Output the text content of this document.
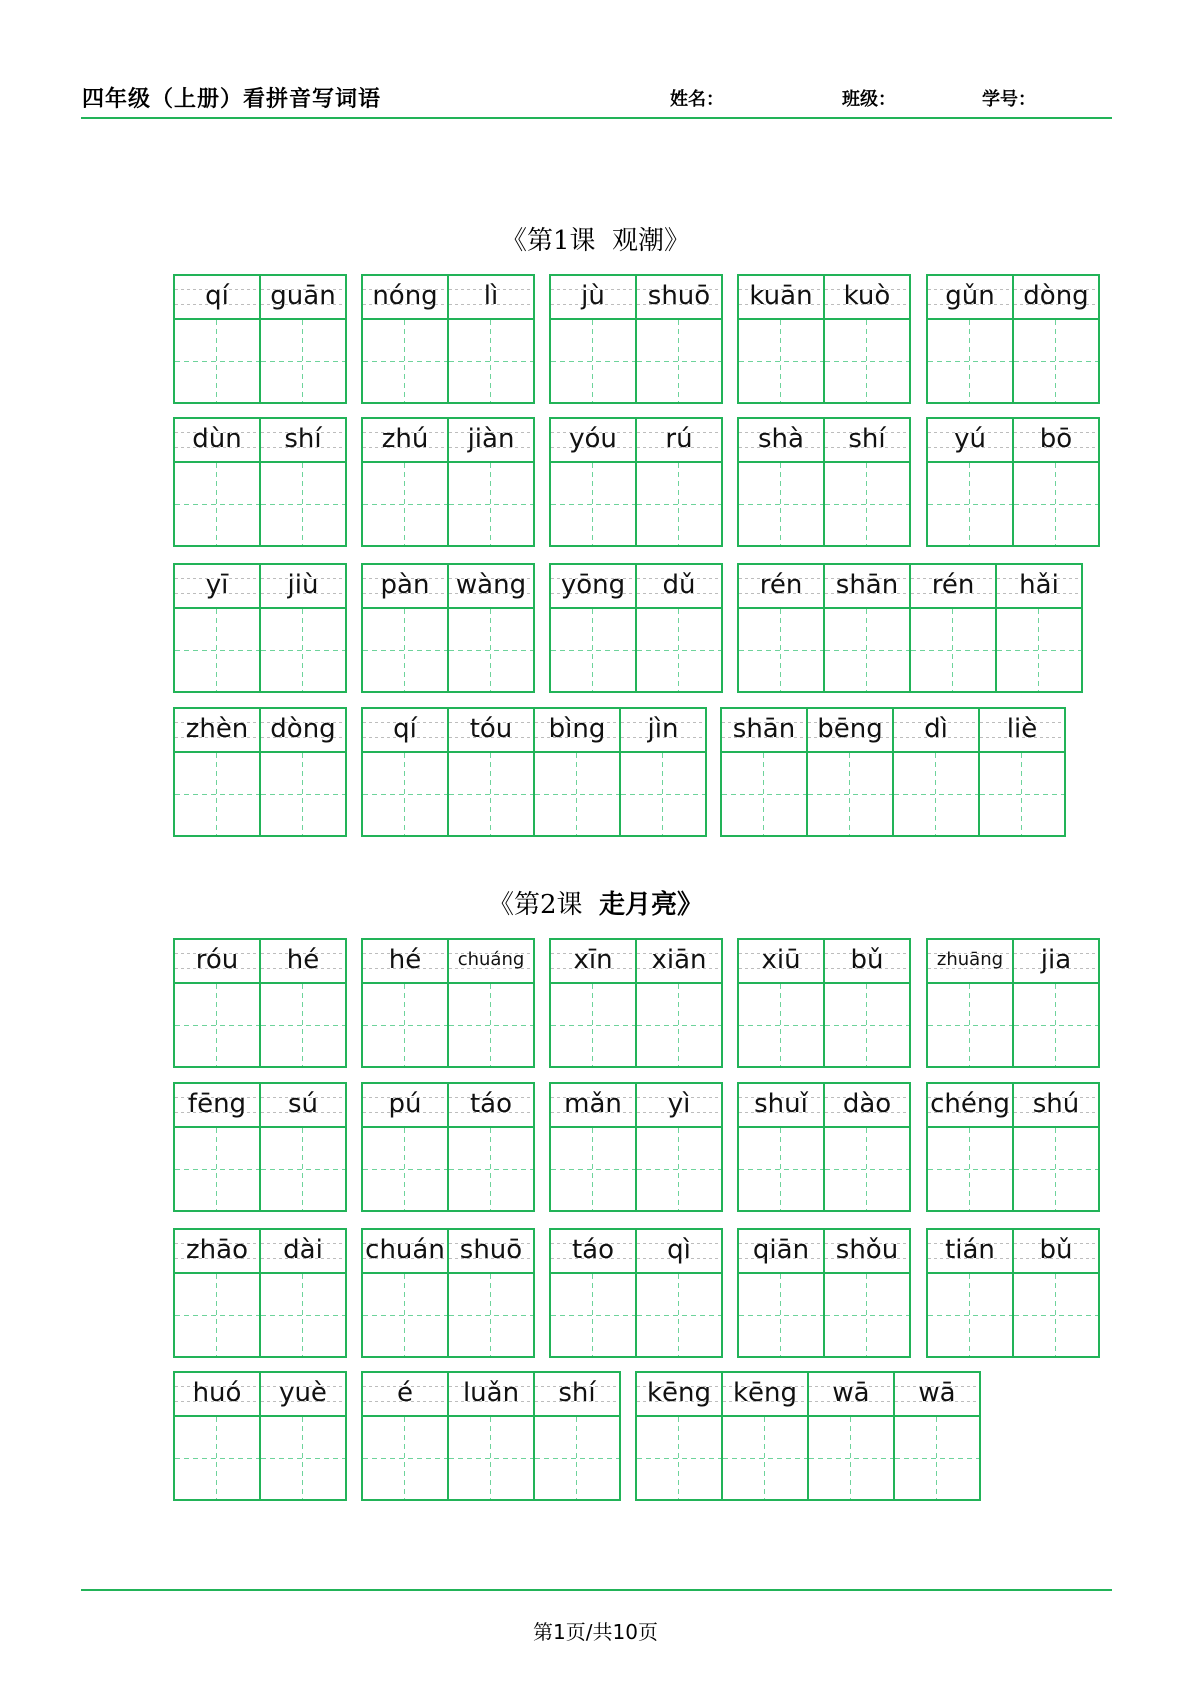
四年级（上册）看拼音写词语	姓名：	班级：	学号：
《第1课 观潮》
qí guān nóng lì	jù shuō kuān kuò gǔn dòng
dùn shí zhú jiàn yóu rú	shà shí	yú bō
yī jiù pàn wàng yōng dǔ rén shān rén hǎi
zhèn dòng qí tóu bìng jìn shān bēng dì liè
《第2课 走月亮》
róu hé	hé chuáng xīn xiān xiū bǔ	zhuāng jia
fēng sú	pú táo mǎn yì shuǐ dào chéng shú
zhāo dài chuán shuō táo qì qiān shǒu tián bǔ
huó yuè	é luǎn shí kēng kēng wā wā
第1页/共10页
